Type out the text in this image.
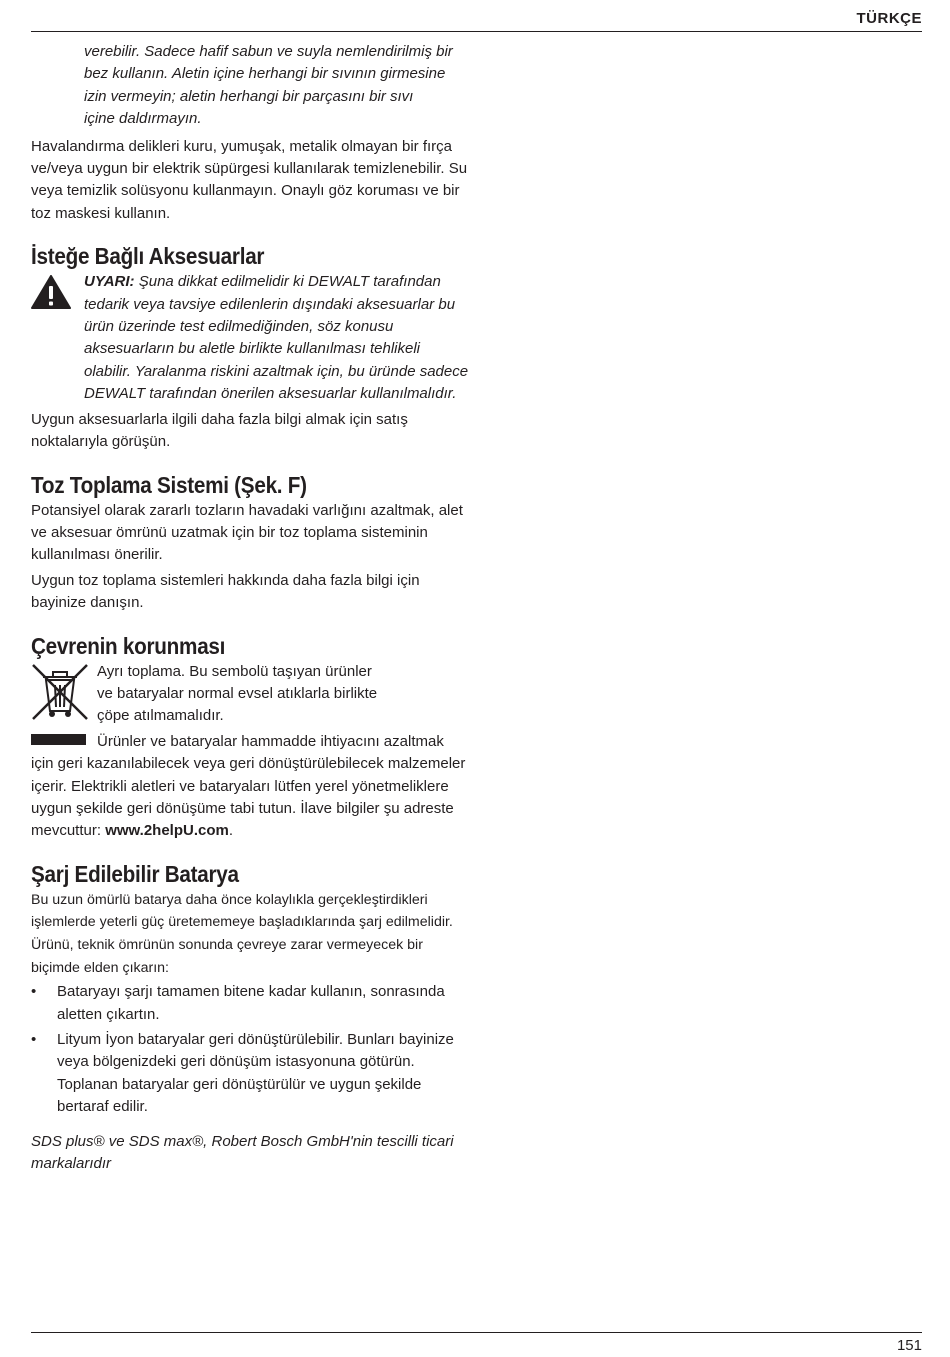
TÜRKÇE

verebilir. Sadece hafif sabun ve suyla nemlendirilmiş bir

bez kullanın. Aletin içine herhangi bir sıvının girmesine

izin vermeyin; aletin herhangi bir parçasını bir sıvı

içine daldırmayın.

Havalandırma delikleri kuru, yumuşak, metalik olmayan bir fırça ve/veya uygun bir elektrik süpürgesi kullanılarak temizlenebilir. Su veya temizlik solüsyonu kullanmayın. Onaylı göz koruması ve bir toz maskesi kullanın.

İsteğe Bağlı Aksesuarlar

UYARI: Şuna dikkat edilmelidir ki DEWALT tarafından tedarik veya tavsiye edilenlerin dışındaki aksesuarlar bu ürün üzerinde test edilmediğinden, söz konusu aksesuarların bu aletle birlikte kullanılması tehlikeli olabilir. Yaralanma riskini azaltmak için, bu üründe sadece DEWALT tarafından önerilen aksesuarlar kullanılmalıdır.

Uygun aksesuarlarla ilgili daha fazla bilgi almak için satış noktalarıyla görüşün.

Toz Toplama Sistemi (Şek. F)

Potansiyel olarak zararlı tozların havadaki varlığını azaltmak, alet ve aksesuar ömrünü uzatmak için bir toz toplama sisteminin kullanılması önerilir.

Uygun toz toplama sistemleri hakkında daha fazla bilgi için bayinize danışın.

Çevrenin korunması

Ayrı toplama. Bu sembolü taşıyan ürünler

ve bataryalar normal evsel atıklarla birlikte

çöpe atılmamalıdır.

Ürünler ve bataryalar hammadde ihtiyacını azaltmak
için geri kazanılabilecek veya geri dönüştürülebilecek malzemeler içerir. Elektrikli aletleri ve bataryaları lütfen yerel yönetmeliklere uygun şekilde geri dönüşüme tabi tutun. İlave bilgiler şu adreste mevcuttur: www.2helpU.com.

Şarj Edilebilir Batarya

Bu uzun ömürlü batarya daha önce kolaylıkla gerçekleştirdikleri işlemlerde yeterli güç üretememeye başladıklarında şarj edilmelidir. Ürünü, teknik ömrünün sonunda çevreye zarar vermeyecek bir biçimde elden çıkarın:

• Bataryayı şarjı tamamen bitene kadar kullanın, sonrasında aletten çıkartın.
• Lityum İyon bataryalar geri dönüştürülebilir. Bunları bayinize veya bölgenizdeki geri dönüşüm istasyonuna götürün. Toplanan bataryalar geri dönüştürülür ve uygun şekilde bertaraf edilir.

SDS plus® ve SDS max®, Robert Bosch GmbH'nin tescilli ticari markalarıdır

151
